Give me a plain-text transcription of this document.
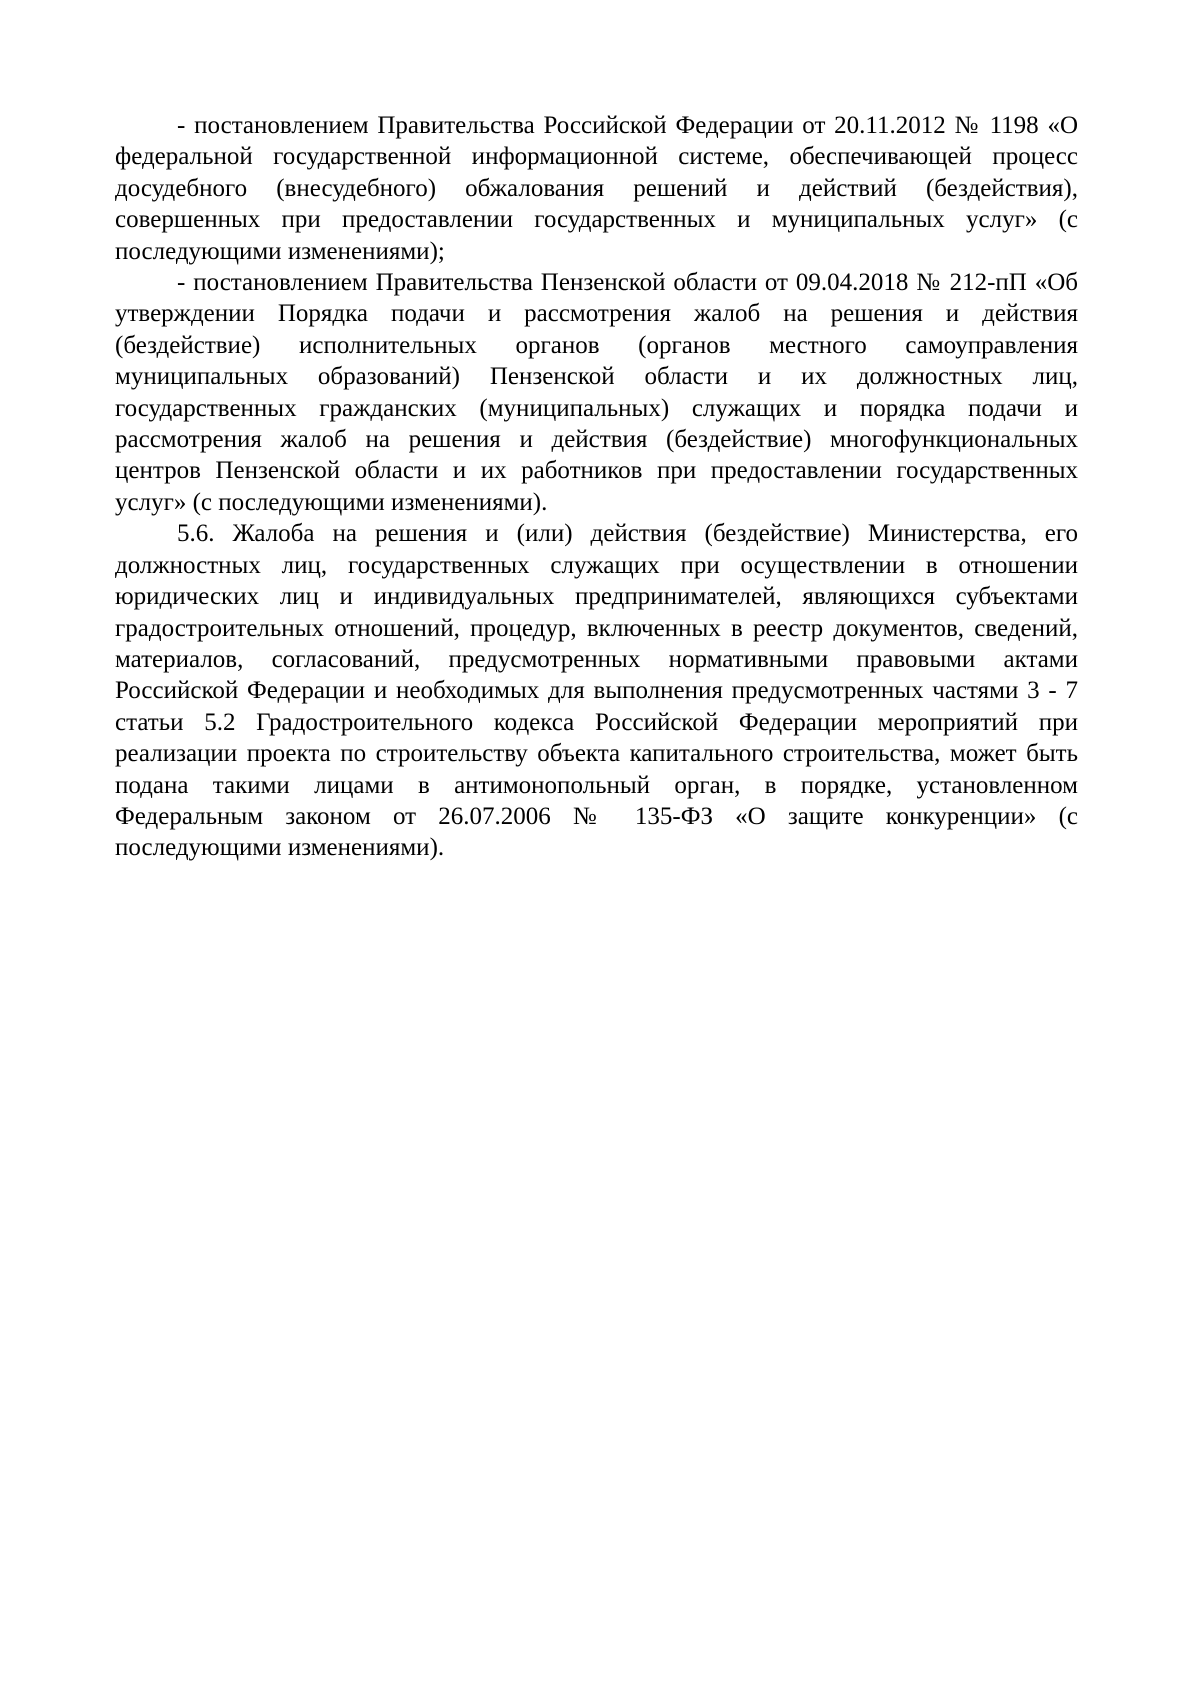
- постановлением Правительства Российской Федерации от 20.11.2012 № 1198 «О федеральной государственной информационной системе, обеспечивающей процесс досудебного (внесудебного) обжалования решений и действий (бездействия), совершенных при предоставлении государственных и муниципальных услуг» (с последующими изменениями);

- постановлением Правительства Пензенской области от 09.04.2018 № 212-пП «Об утверждении Порядка подачи и рассмотрения жалоб на решения и действия (бездействие) исполнительных органов (органов местного самоуправления муниципальных образований) Пензенской области и их должностных лиц, государственных гражданских (муниципальных) служащих и порядка подачи и рассмотрения жалоб на решения и действия (бездействие) многофункциональных центров Пензенской области и их работников при предоставлении государственных услуг» (с последующими изменениями).

5.6. Жалоба на решения и (или) действия (бездействие) Министерства, его должностных лиц, государственных служащих при осуществлении в отношении юридических лиц и индивидуальных предпринимателей, являющихся субъектами градостроительных отношений, процедур, включенных в реестр документов, сведений, материалов, согласований, предусмотренных нормативными правовыми актами Российской Федерации и необходимых для выполнения предусмотренных частями 3 - 7 статьи 5.2 Градостроительного кодекса Российской Федерации мероприятий при реализации проекта по строительству объекта капитального строительства, может быть подана такими лицами в антимонопольный орган, в порядке, установленном Федеральным законом от 26.07.2006 № 135-ФЗ «О защите конкуренции» (с последующими изменениями).
